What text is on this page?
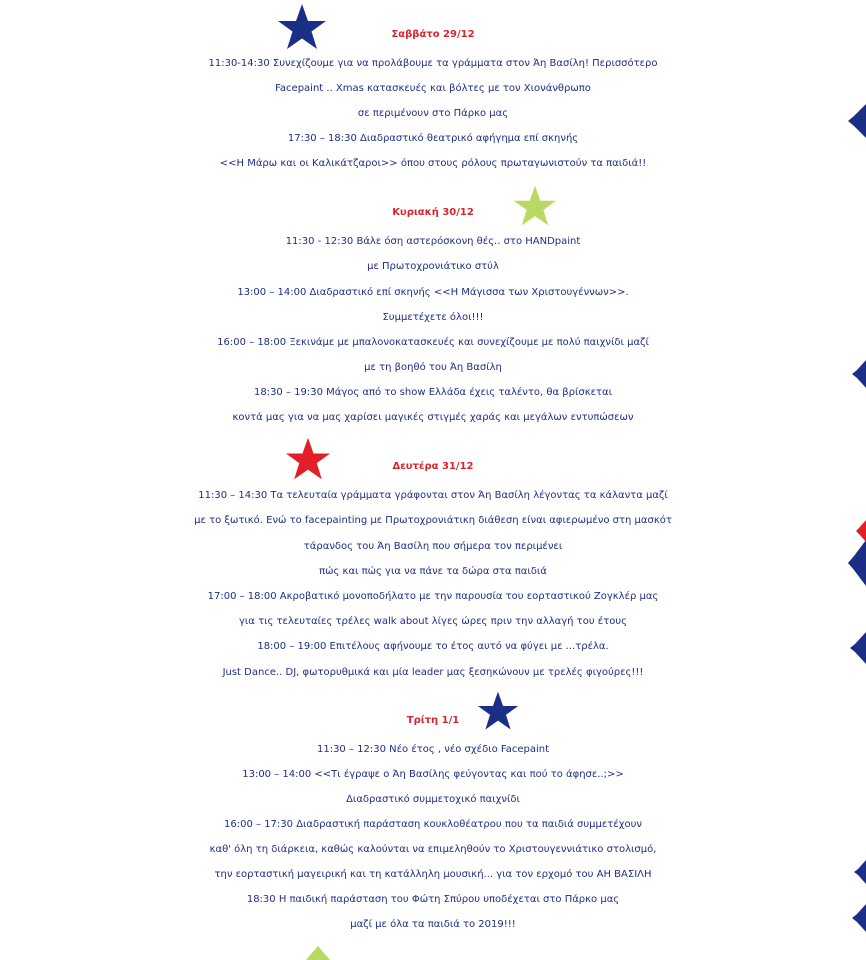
Σαββάτο 29/12
11:30-14:30 Συνεχίζουμε για να προλάβουμε τα γράμματα στον Άη Βασίλη! Περισσότερο
Facepaint .. Xmas κατασκευές και βόλτες με τον Χιονάνθρωπο
σε περιμένουν στο Πάρκο μας
17:30 – 18:30 Διαδραστικό θεατρικό αφήγημα επί σκηνής
<<Η Μάρω και οι Καλικάτζαροι>> όπου στους ρόλους πρωταγωνιστούν τα παιδιά!!
Κυριακή 30/12
11:30 - 12:30 Βάλε όση αστερόσκονη θές.. στο HANDpaint
με Πρωτοχρονιάτικο στύλ
13:00 – 14:00 Διαδραστικό επί σκηνής <<Η Μάγισσα των Χριστουγέννων>>.
Συμμετέχετε όλοι!!!
16:00 – 18:00 Ξεκινάμε με μπαλονοκατασκευές και συνεχίζουμε με πολύ παιχνίδι μαζί
με τη βοηθό του Άη Βασίλη
18:30 – 19:30 Μάγος από το show Ελλάδα έχεις ταλέντο, θα βρίσκεται
κοντά μας για να μας χαρίσει μαγικές στιγμές χαράς και μεγάλων εντυπώσεων
Δευτέρα 31/12
11:30 – 14:30 Τα τελευταία γράμματα γράφονται στον Άη Βασίλη λέγοντας τα κάλαντα μαζί
με το ξωτικό. Ενώ το facepainting με Πρωτοχρονιάτικη διάθεση είναι αφιερωμένο στη μασκότ
τάρανδος του Άη Βασίλη που σήμερα τον περιμένει
πώς και πώς για να πάνε τα δώρα στα παιδιά
17:00 – 18:00 Ακροβατικό μονοποδήλατο με την παρουσία του εορταστικού Ζογκλέρ μας
για τις τελευταίες τρέλες walk about λίγες ώρες πριν την αλλαγή του έτους
18:00 – 19:00 Επιτέλους αφήνουμε το έτος αυτό να φύγει με ...τρέλα.
Just Dance.. DJ, φωτορυθμικά και μία leader μας ξεσηκώνουν με τρελές φιγούρες!!!
Τρίτη 1/1
11:30 – 12:30 Νέο έτος , νέο σχέδιο Facepaint
13:00 – 14:00 <<Τι έγραψε ο Άη Βασίλης φεύγοντας και πού το άφησε..;>>
Διαδραστικό συμμετοχικό παιχνίδι
16:00 – 17:30 Διαδραστική παράσταση κουκλοθέατρου που τα παιδιά συμμετέχουν
καθ' όλη τη διάρκεια, καθώς καλούνται να επιμεληθούν το Χριστουγεννιάτικο στολισμό,
την εορταστική μαγειρική και τη κατάλληλη μουσική... για τον ερχομό του ΑΗ ΒΑΣΙΛΗ
18:30 Η παιδική παράσταση του Φώτη Σπύρου υποδέχεται στο Πάρκο μας
μαζί με όλα τα παιδιά το 2019!!!
